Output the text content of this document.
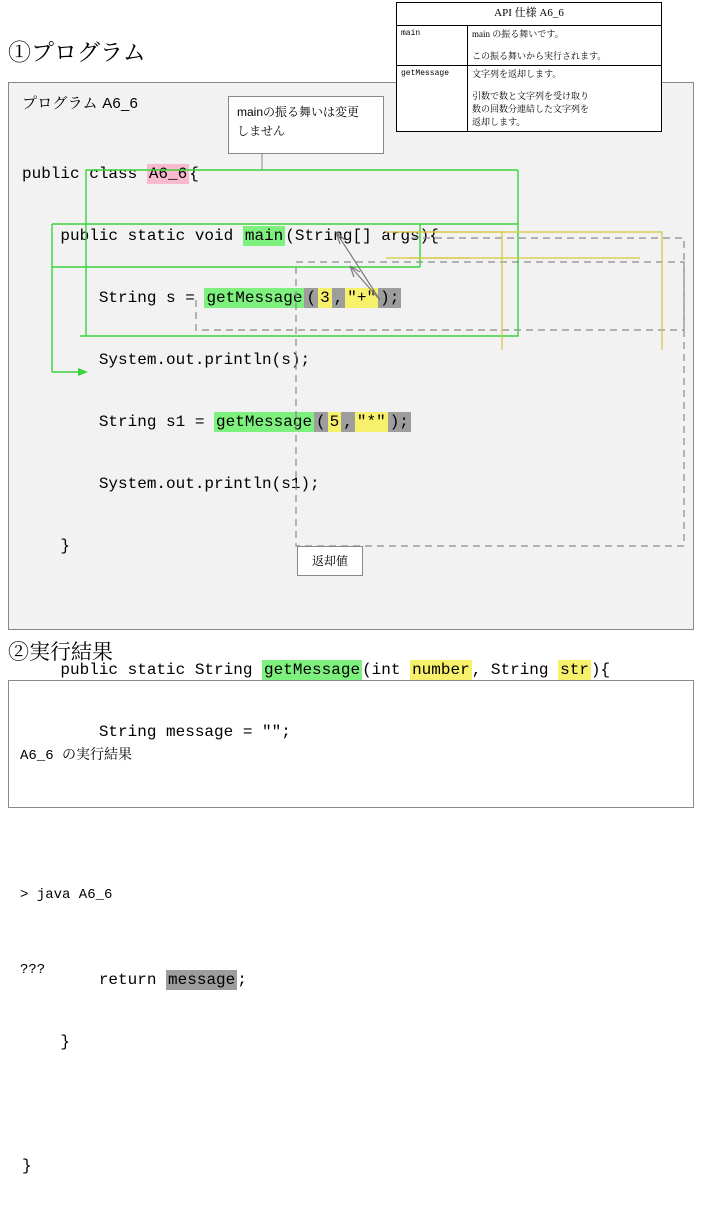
①プログラム
API 仕様 A6_6	
main	main の振る舞いです。
この振る舞いから実行されます。

getMessage	文字列を返却します。
引数で数と文字列を受け取り
数の回数分連結した文字列を
返却します。
プログラム A6_6

public class A6_6 {

public static void main (String[] args){

String s = getMessage ( 3 , "+" );

System.out.println(s);

String s1 = getMessage ( 5 , "*" );

System.out.println(s1);

}

public static String getMessage (int number , String str ){

String message = "";

return message ;

}

}

mainの振る舞いは変更
しません
返却値
②実行結果

A6_6 の実行結果

> java A6_6

???
